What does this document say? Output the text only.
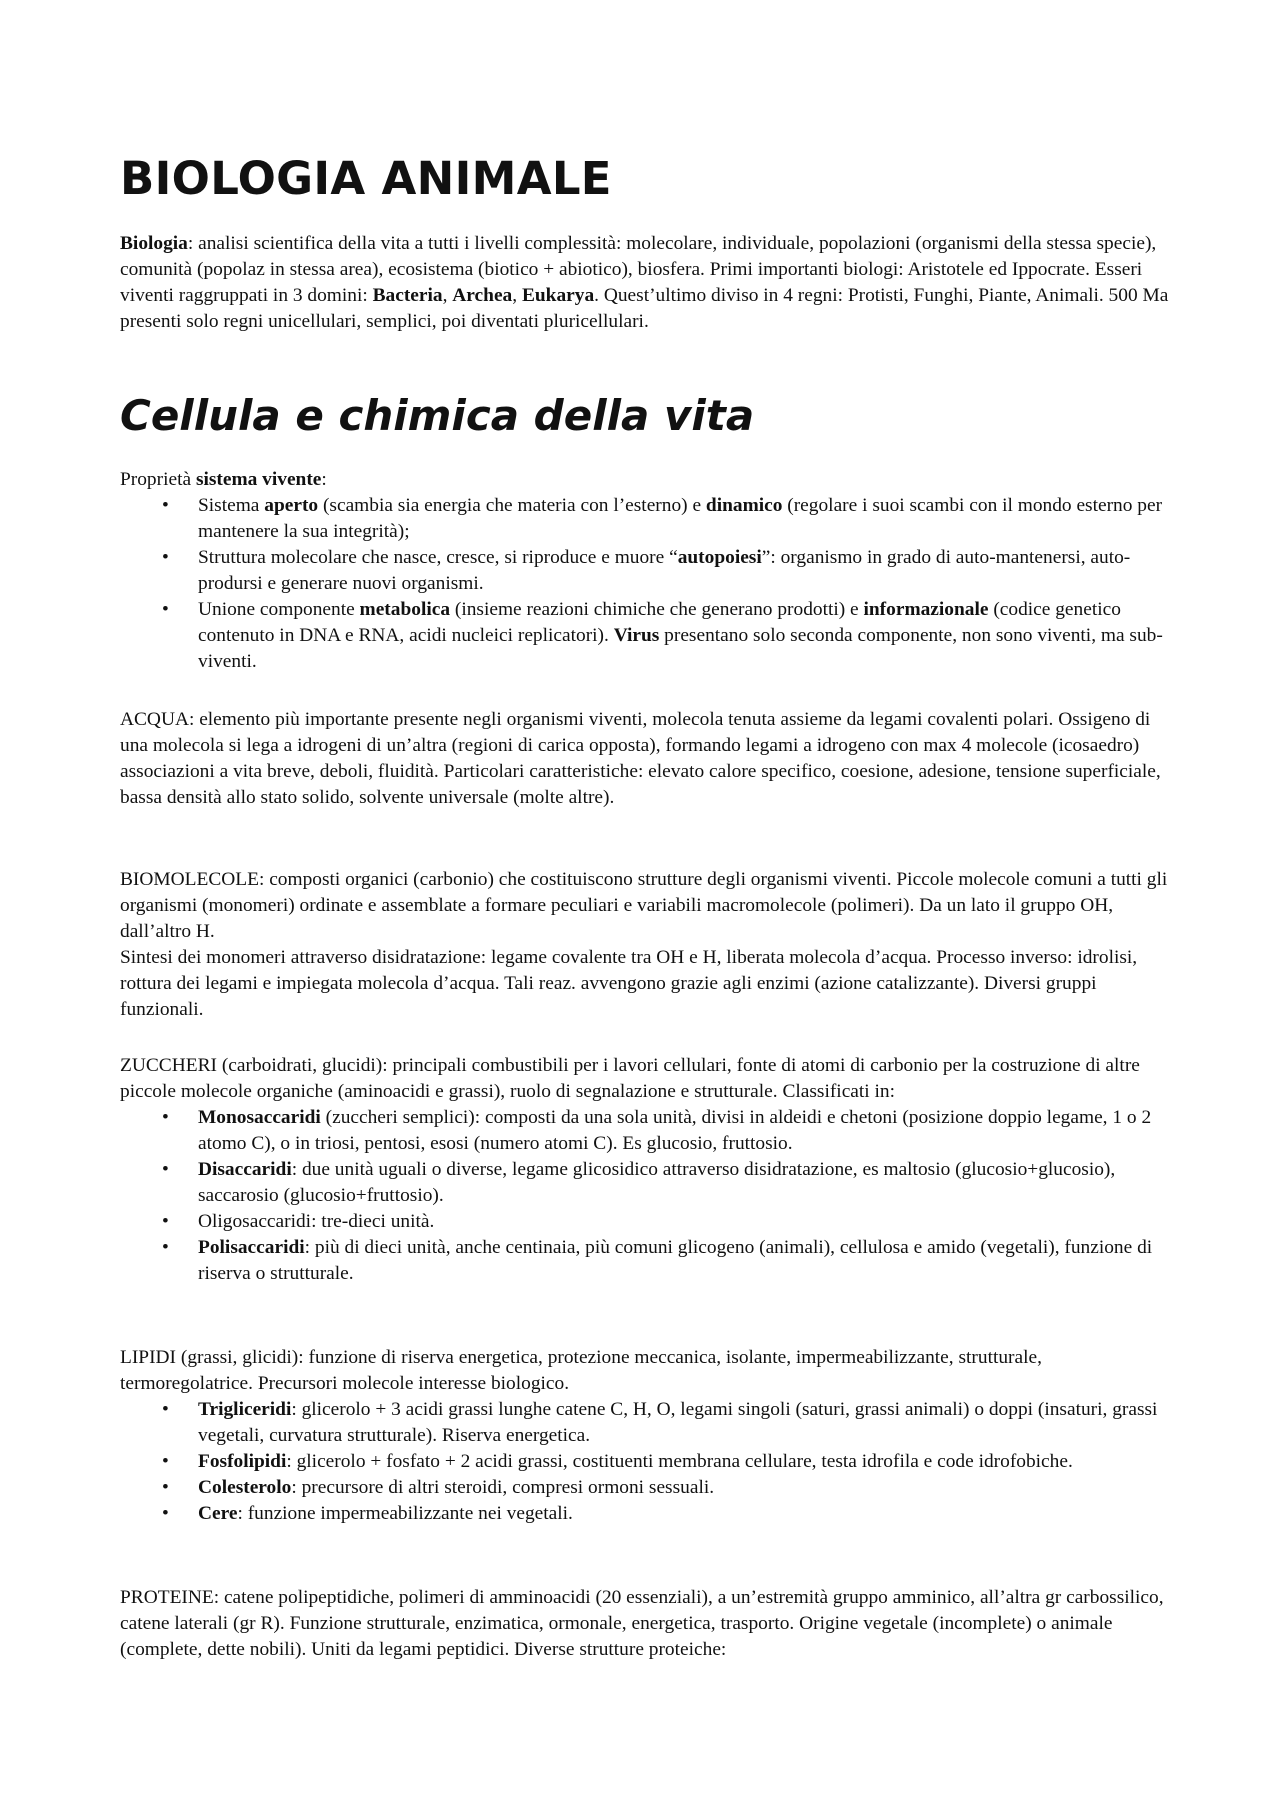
BIOLOGIA ANIMALE

Biologia: analisi scientifica della vita a tutti i livelli complessità: molecolare, individuale, popolazioni (organismi della stessa specie), comunità (popolaz in stessa area), ecosistema (biotico + abiotico), biosfera. Primi importanti biologi: Aristotele ed Ippocrate. Esseri viventi raggruppati in 3 domini: Bacteria, Archea, Eukarya. Quest’ultimo diviso in 4 regni: Protisti, Funghi, Piante, Animali. 500 Ma presenti solo regni unicellulari, semplici, poi diventati pluricellulari.

Cellula e chimica della vita

Proprietà sistema vivente:

• Sistema aperto (scambia sia energia che materia con l’esterno) e dinamico (regolare i suoi scambi con il mondo esterno per mantenere la sua integrità);
• Struttura molecolare che nasce, cresce, si riproduce e muore “autopoiesi”: organismo in grado di auto-mantenersi, auto-prodursi e generare nuovi organismi.
• Unione componente metabolica (insieme reazioni chimiche che generano prodotti) e informazionale (codice genetico contenuto in DNA e RNA, acidi nucleici replicatori). Virus presentano solo seconda componente, non sono viventi, ma sub-viventi.

ACQUA: elemento più importante presente negli organismi viventi, molecola tenuta assieme da legami covalenti polari. Ossigeno di una molecola si lega a idrogeni di un’altra (regioni di carica opposta), formando legami a idrogeno con max 4 molecole (icosaedro) associazioni a vita breve, deboli, fluidità. Particolari caratteristiche: elevato calore specifico, coesione, adesione, tensione superficiale, bassa densità allo stato solido, solvente universale (molte altre).

BIOMOLECOLE: composti organici (carbonio) che costituiscono strutture degli organismi viventi. Piccole molecole comuni a tutti gli organismi (monomeri) ordinate e assemblate a formare peculiari e variabili macromolecole (polimeri). Da un lato il gruppo OH, dall’altro H.

Sintesi dei monomeri attraverso disidratazione: legame covalente tra OH e H, liberata molecola d’acqua. Processo inverso: idrolisi, rottura dei legami e impiegata molecola d’acqua. Tali reaz. avvengono grazie agli enzimi (azione catalizzante). Diversi gruppi funzionali.

ZUCCHERI (carboidrati, glucidi): principali combustibili per i lavori cellulari, fonte di atomi di carbonio per la costruzione di altre piccole molecole organiche (aminoacidi e grassi), ruolo di segnalazione e strutturale. Classificati in:

• Monosaccaridi (zuccheri semplici): composti da una sola unità, divisi in aldeidi e chetoni (posizione doppio legame, 1 o 2 atomo C), o in triosi, pentosi, esosi (numero atomi C). Es glucosio, fruttosio.
• Disaccaridi: due unità uguali o diverse, legame glicosidico attraverso disidratazione, es maltosio (glucosio+glucosio), saccarosio (glucosio+fruttosio).
• Oligosaccaridi: tre-dieci unità.
• Polisaccaridi: più di dieci unità, anche centinaia, più comuni glicogeno (animali), cellulosa e amido (vegetali), funzione di riserva o strutturale.

LIPIDI (grassi, glicidi): funzione di riserva energetica, protezione meccanica, isolante, impermeabilizzante, strutturale, termoregolatrice. Precursori molecole interesse biologico.

• Trigliceridi: glicerolo + 3 acidi grassi lunghe catene C, H, O, legami singoli (saturi, grassi animali) o doppi (insaturi, grassi vegetali, curvatura strutturale). Riserva energetica.
• Fosfolipidi: glicerolo + fosfato + 2 acidi grassi, costituenti membrana cellulare, testa idrofila e code idrofobiche.
• Colesterolo: precursore di altri steroidi, compresi ormoni sessuali.
• Cere: funzione impermeabilizzante nei vegetali.

PROTEINE: catene polipeptidiche, polimeri di amminoacidi (20 essenziali), a un’estremità gruppo amminico, all’altra gr carbossilico, catene laterali (gr R). Funzione strutturale, enzimatica, ormonale, energetica, trasporto. Origine vegetale (incomplete) o animale (complete, dette nobili). Uniti da legami peptidici. Diverse strutture proteiche:
